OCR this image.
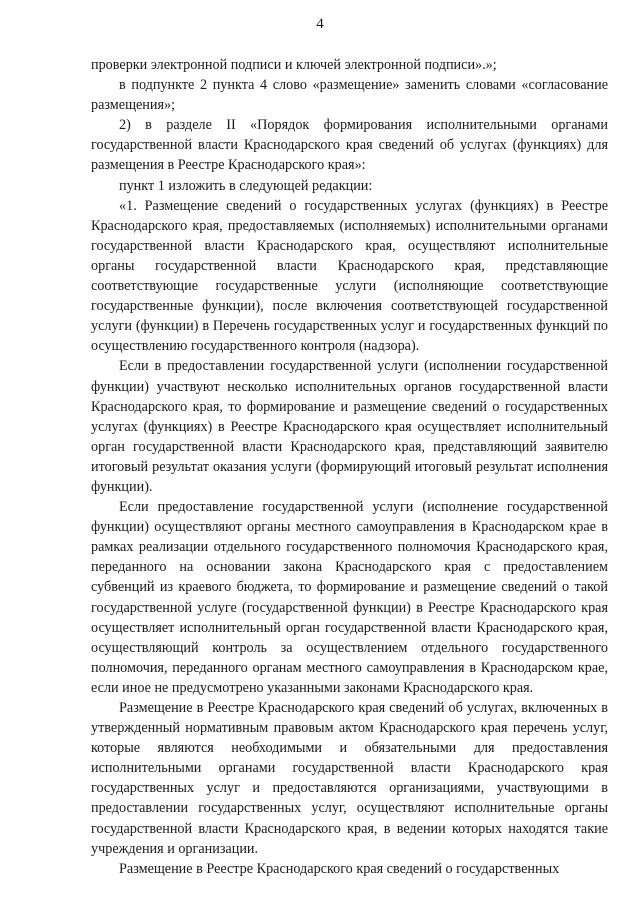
4

проверки электронной подписи и ключей электронной подписи».»;

в подпункте 2 пункта 4 слово «размещение» заменить словами «согласование размещения»;

2) в разделе II «Порядок формирования исполнительными органами государственной власти Краснодарского края сведений об услугах (функциях) для размещения в Реестре Краснодарского края»:

пункт 1 изложить в следующей редакции:

«1. Размещение сведений о государственных услугах (функциях) в Реестре Краснодарского края, предоставляемых (исполняемых) исполнительными органами государственной власти Краснодарского края, осуществляют исполнительные органы государственной власти Краснодарского края, представляющие соответствующие государственные услуги (исполняющие соответствующие государственные функции), после включения соответствующей государственной услуги (функции) в Перечень государственных услуг и государственных функций по осуществлению государственного контроля (надзора).

Если в предоставлении государственной услуги (исполнении государственной функции) участвуют несколько исполнительных органов государственной власти Краснодарского края, то формирование и размещение сведений о государственных услугах (функциях) в Реестре Краснодарского края осуществляет исполнительный орган государственной власти Краснодарского края, представляющий заявителю итоговый результат оказания услуги (формирующий итоговый результат исполнения функции).

Если предоставление государственной услуги (исполнение государственной функции) осуществляют органы местного самоуправления в Краснодарском крае в рамках реализации отдельного государственного полномочия Краснодарского края, переданного на основании закона Краснодарского края с предоставлением субвенций из краевого бюджета, то формирование и размещение сведений о такой государственной услуге (государственной функции) в Реестре Краснодарского края осуществляет исполнительный орган государственной власти Краснодарского края, осуществляющий контроль за осуществлением отдельного государственного полномочия, переданного органам местного самоуправления в Краснодарском крае, если иное не предусмотрено указанными законами Краснодарского края.

Размещение в Реестре Краснодарского края сведений об услугах, включенных в утвержденный нормативным правовым актом Краснодарского края перечень услуг, которые являются необходимыми и обязательными для предоставления исполнительными органами государственной власти Краснодарского края государственных услуг и предоставляются организациями, участвующими в предоставлении государственных услуг, осуществляют исполнительные органы государственной власти Краснодарского края, в ведении которых находятся такие учреждения и организации.

Размещение в Реестре Краснодарского края сведений о государственных
